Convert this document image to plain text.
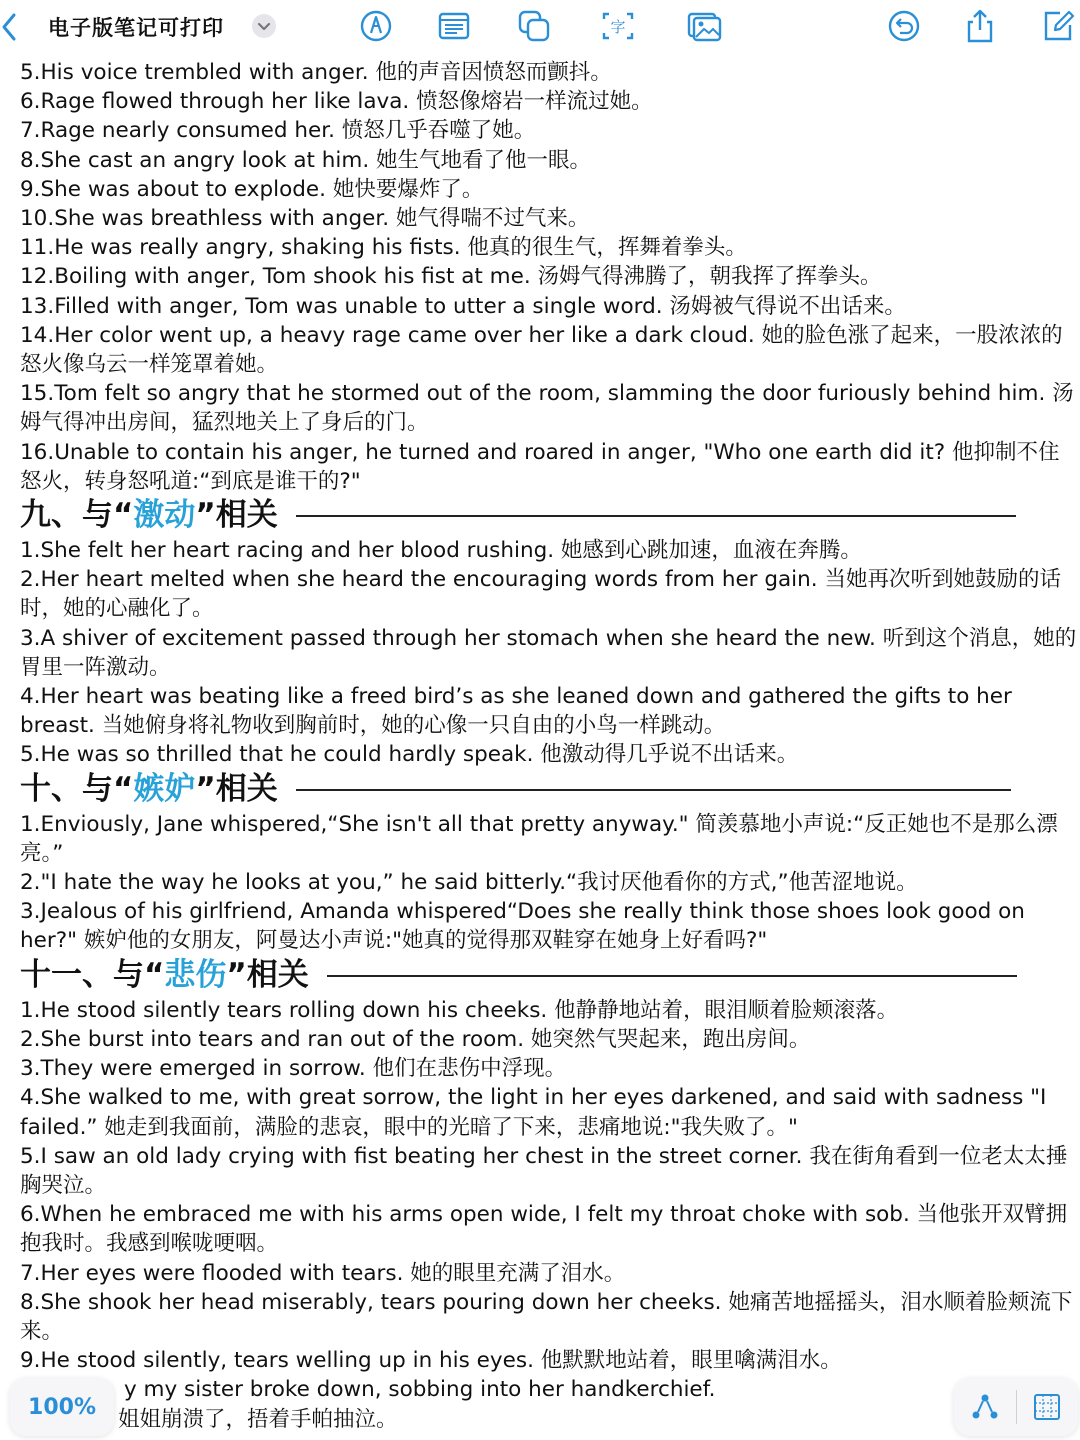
电子版笔记可打印	字

5.His voice trembled with anger. 他的声音因愤怒而颤抖。

6.Rage flowed through her like lava. 愤怒像熔岩一样流过她。

7.Rage nearly consumed her. 愤怒几乎吞噬了她。

8.She cast an angry look at him. 她生气地看了他一眼。

9.She was about to explode. 她快要爆炸了。

10.She was breathless with anger. 她气得喘不过气来。

11.He was really angry, shaking his fists. 他真的很生气，挥舞着拳头。

12.Boiling with anger, Tom shook his fist at me. 汤姆气得沸腾了，朝我挥了挥拳头。

13.Filled with anger, Tom was unable to utter a single word. 汤姆被气得说不出话来。

14.Her color went up, a heavy rage came over her like a dark cloud. 她的脸色涨了起来，一股浓浓的怒火像乌云一样笼罩着她。

15.Tom felt so angry that he stormed out of the room, slamming the door furiously behind him. 汤姆气得冲出房间，猛烈地关上了身后的门。

16.Unable to contain his anger, he turned and roared in anger, "Who one earth did it? 他抑制不住怒火，转身怒吼道:“到底是谁干的?"

九、与“ 激动 ”相关

1.She felt her heart racing and her blood rushing. 她感到心跳加速，血液在奔腾。

2.Her heart melted when she heard the encouraging words from her gain. 当她再次听到她鼓励的话时，她的心融化了。

3.A shiver of excitement passed through her stomach when she heard the new. 听到这个消息，她的胃里一阵激动。

4.Her heart was beating like a freed bird’s as she leaned down and gathered the gifts to her breast. 当她俯身将礼物收到胸前时，她的心像一只自由的小鸟一样跳动。

5.He was so thrilled that he could hardly speak. 他激动得几乎说不出话来。

十、与“ 嫉妒 ”相关

1.Enviously, Jane whispered,“She isn't all that pretty anyway." 简羡慕地小声说:“反正她也不是那么漂亮。”

2."I hate the way he looks at you,” he said bitterly.“我讨厌他看你的方式,”他苦涩地说。

3.Jealous of his girlfriend, Amanda whispered“Does she really think those shoes look good on her?" 嫉妒他的女朋友，阿曼达小声说:"她真的觉得那双鞋穿在她身上好看吗?"

十一、与“ 悲伤 ”相关

1.He stood silently tears rolling down his cheeks. 他静静地站着，眼泪顺着脸颊滚落。

2.She burst into tears and ran out of the room. 她突然气哭起来，跑出房间。

3.They were emerged in sorrow. 他们在悲伤中浮现。

4.She walked to me, with great sorrow, the light in her eyes darkened, and said with sadness "I failed.” 她走到我面前，满脸的悲哀，眼中的光暗了下来，悲痛地说:"我失败了。"

5.I saw an old lady crying with fist beating her chest in the street corner. 我在街角看到一位老太太捶胸哭泣。

6.When he embraced me with his arms open wide, I felt my throat choke with sob. 当他张开双臂拥抱我时。我感到喉咙哽咽。

7.Her eyes were flooded with tears. 她的眼里充满了泪水。

8.She shook her head miserably, tears pouring down her cheeks. 她痛苦地摇摇头，泪水顺着脸颊流下来。

9.He stood silently, tears welling up in his eyes. 他默默地站着，眼里噙满泪水。

y my sister broke down, sobbing into her handkerchief.

姐姐崩溃了，捂着手帕抽泣。

100%
